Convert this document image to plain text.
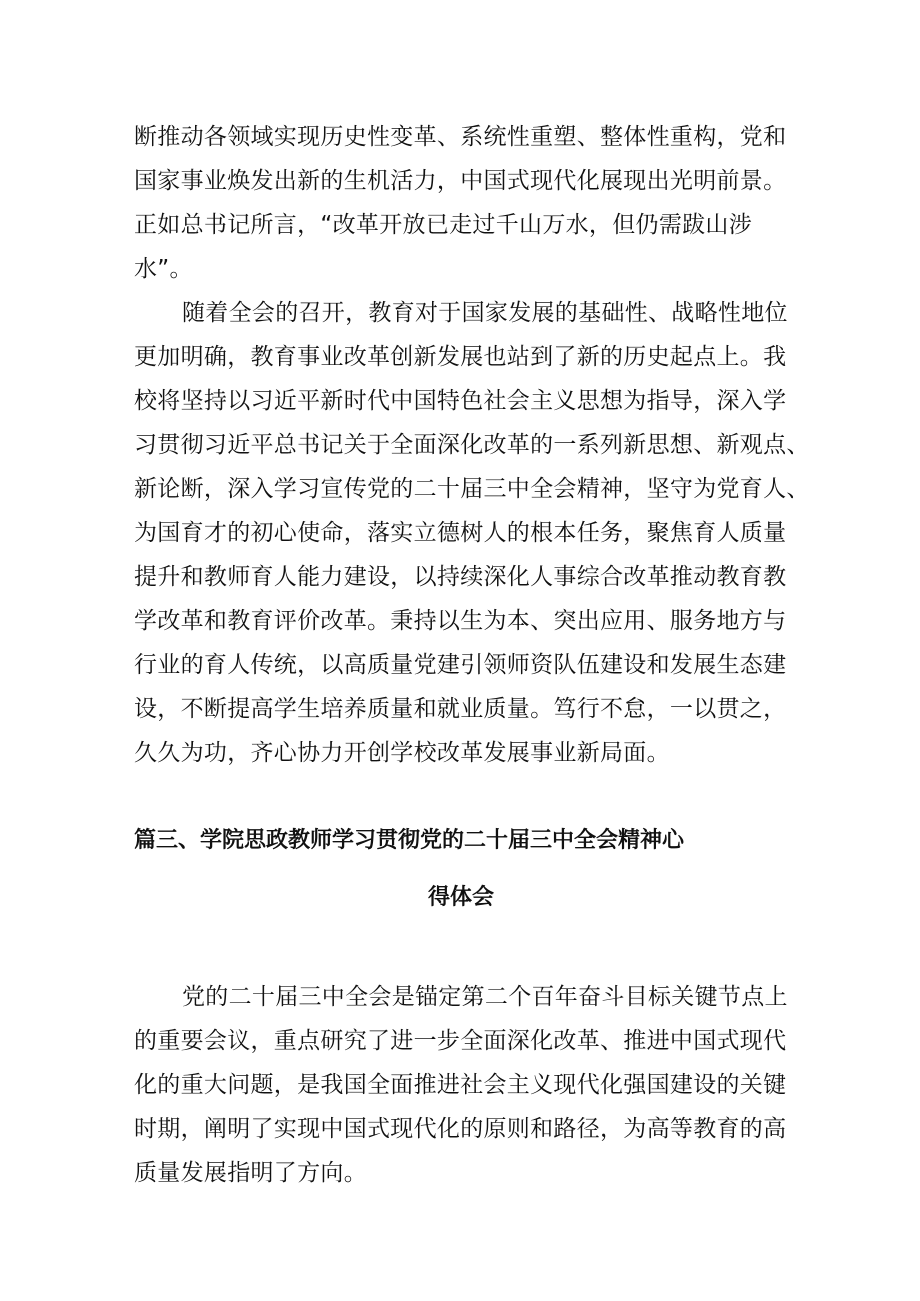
断推动各领域实现历史性变革、系统性重塑、整体性重构，党和
国家事业焕发出新的生机活力，中国式现代化展现出光明前景。
正如总书记所言，“改革开放已走过千山万水，但仍需跋山涉
水”。
随着全会的召开，教育对于国家发展的基础性、战略性地位
更加明确，教育事业改革创新发展也站到了新的历史起点上。我
校将坚持以习近平新时代中国特色社会主义思想为指导，深入学
习贯彻习近平总书记关于全面深化改革的一系列新思想、新观点、
新论断，深入学习宣传党的二十届三中全会精神，坚守为党育人、
为国育才的初心使命，落实立德树人的根本任务，聚焦育人质量
提升和教师育人能力建设，以持续深化人事综合改革推动教育教
学改革和教育评价改革。秉持以生为本、突出应用、服务地方与
行业的育人传统，以高质量党建引领师资队伍建设和发展生态建
设，不断提高学生培养质量和就业质量。笃行不怠，一以贯之，
久久为功，齐心协力开创学校改革发展事业新局面。
篇三、学院思政教师学习贯彻党的二十届三中全会精神心
得体会
党的二十届三中全会是锚定第二个百年奋斗目标关键节点上
的重要会议，重点研究了进一步全面深化改革、推进中国式现代
化的重大问题，是我国全面推进社会主义现代化强国建设的关键
时期，阐明了实现中国式现代化的原则和路径，为高等教育的高
质量发展指明了方向。
